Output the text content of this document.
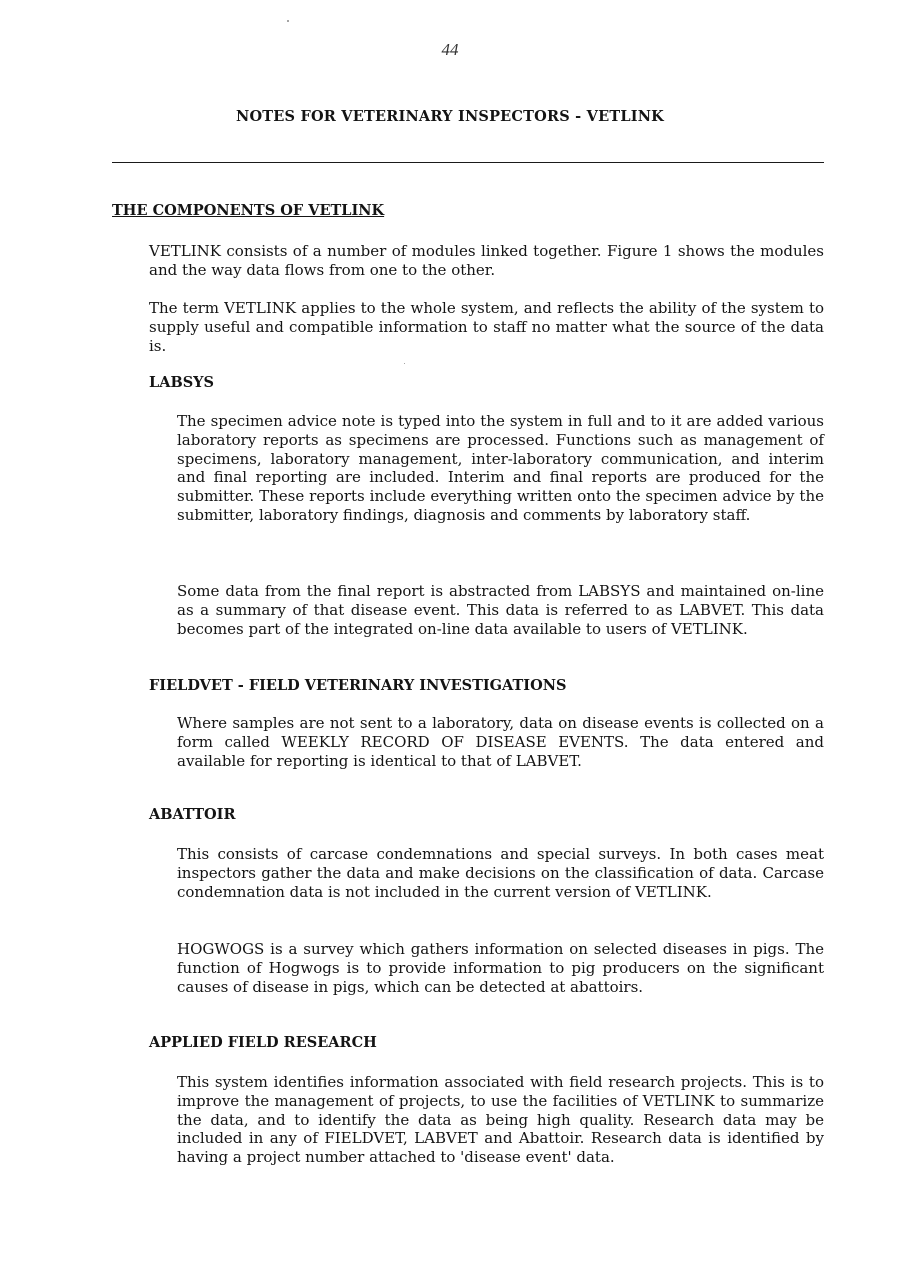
44
NOTES FOR VETERINARY INSPECTORS - VETLINK
THE COMPONENTS OF VETLINK

VETLINK consists of a number of modules linked together. Figure 1 shows the modules and the way data flows from one to the other.

The term VETLINK applies to the whole system, and reflects the ability of the system to supply useful and compatible information to staff no matter what the source of the data is.

LABSYS

The specimen advice note is typed into the system in full and to it are added various laboratory reports as specimens are processed. Functions such as management of specimens, laboratory management, inter-laboratory communication, and interim and final reporting are included. Interim and final reports are produced for the submitter. These reports include everything written onto the specimen advice by the submitter, laboratory findings, diagnosis and comments by laboratory staff.

Some data from the final report is abstracted from LABSYS and maintained on-line as a summary of that disease event. This data is referred to as LABVET. This data becomes part of the integrated on-line data available to users of VETLINK.

FIELDVET - FIELD VETERINARY INVESTIGATIONS

Where samples are not sent to a laboratory, data on disease events is collected on a form called WEEKLY RECORD OF DISEASE EVENTS. The data entered and available for reporting is identical to that of LABVET.

ABATTOIR

This consists of carcase condemnations and special surveys. In both cases meat inspectors gather the data and make decisions on the classification of data. Carcase condemnation data is not included in the current version of VETLINK.

HOGWOGS is a survey which gathers information on selected diseases in pigs. The function of Hogwogs is to provide information to pig producers on the significant causes of disease in pigs, which can be detected at abattoirs.

APPLIED FIELD RESEARCH

This system identifies information associated with field research projects. This is to improve the management of projects, to use the facilities of VETLINK to summarize the data, and to identify the data as being high quality. Research data may be included in any of FIELDVET, LABVET and Abattoir. Research data is identified by having a project number attached to 'disease event' data.
